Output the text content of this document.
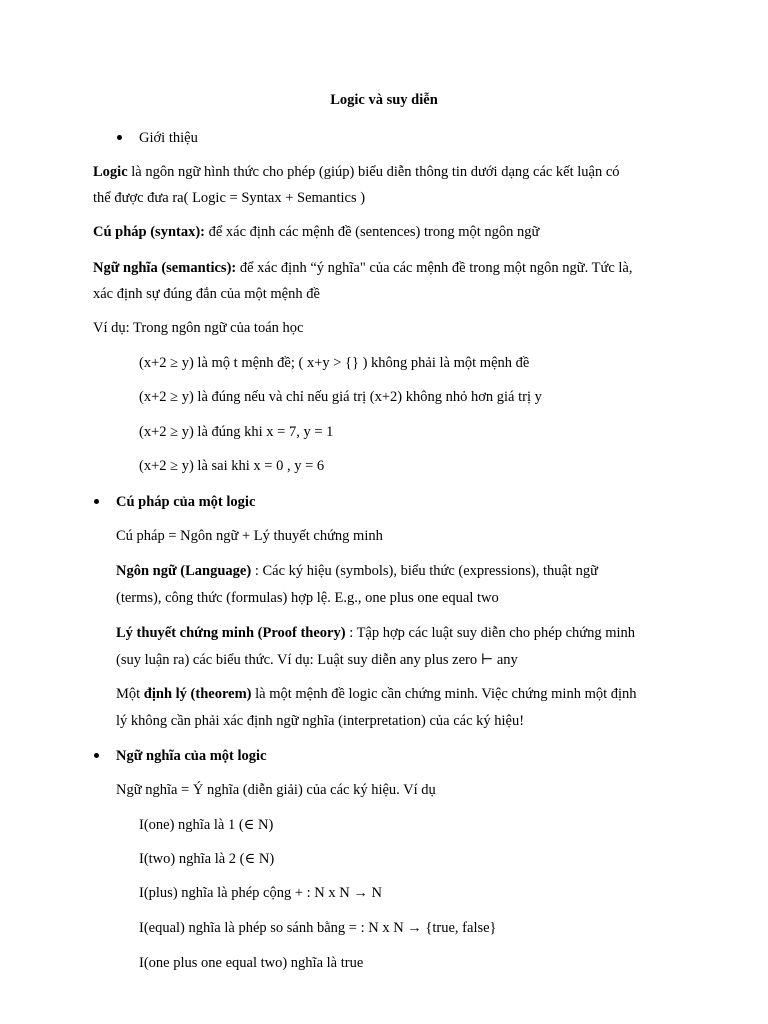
Logic và suy diễn
Giới thiệu
Logic là ngôn ngữ hình thức cho phép (giúp) biểu diễn thông tin dưới dạng các kết luận có
thể được đưa ra( Logic = Syntax + Semantics )
Cú pháp (syntax): để xác định các mệnh đề (sentences) trong một ngôn ngữ
Ngữ nghĩa (semantics): để xác định “ý nghĩa" của các mệnh đề trong một ngôn ngữ. Tức là,
xác định sự đúng đắn của một mệnh đề
Ví dụ: Trong ngôn ngữ của toán học
(x+2 ≥ y) là mộ t mệnh đề; ( x+y > {} ) không phải là một mệnh đề
(x+2 ≥ y) là đúng nếu và chỉ nếu giá trị (x+2) không nhỏ hơn giá trị y
(x+2 ≥ y) là đúng khi x = 7, y = 1
(x+2 ≥ y) là sai khi x = 0 , y = 6
Cú pháp của một logic
Cú pháp = Ngôn ngữ + Lý thuyết chứng minh
Ngôn ngữ (Language) : Các ký hiệu (symbols), biểu thức (expressions), thuật ngữ
(terms), công thức (formulas) hợp lệ. E.g., one plus one equal two
Lý thuyết chứng minh (Proof theory) : Tập hợp các luật suy diễn cho phép chứng minh
(suy luận ra) các biểu thức. Ví dụ: Luật suy diễn any plus zero ⊢ any
Một định lý (theorem) là một mệnh đề logic cần chứng minh. Việc chứng minh một định
lý không cần phải xác định ngữ nghĩa (interpretation) của các ký hiệu!
Ngữ nghĩa của một logic
Ngữ nghĩa = Ý nghĩa (diễn giải) của các ký hiệu. Ví dụ
I(one) nghĩa là 1 (∈ N)
I(two) nghĩa là 2 (∈ N)
I(plus) nghĩa là phép cộng + : N x N → N
I(equal) nghĩa là phép so sánh bằng = : N x N → {true, false}
I(one plus one equal two) nghĩa là true
